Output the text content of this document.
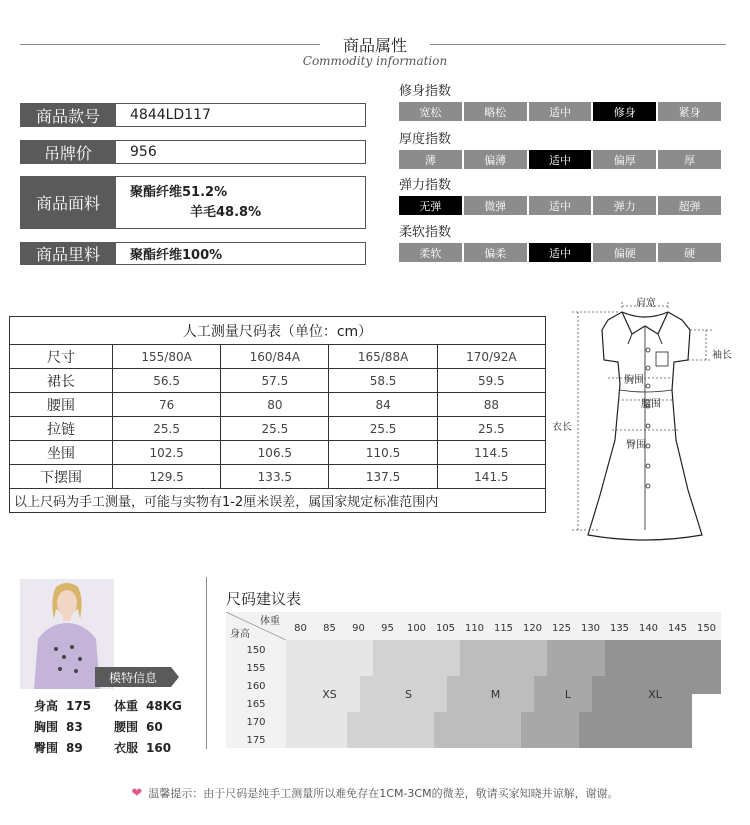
商品属性
Commodity information
商品款号	4844LD117
吊牌价	956
商品面料
聚酯纤维51.2%
羊毛48.8%
商品里料	聚酯纤维100%
修身指数
宽松	略松	适中	修身	紧身
厚度指数
薄	偏薄	适中	偏厚	厚
弹力指数
无弹	微弹	适中	弹力	超弹
柔软指数
柔软	偏柔	适中	偏硬	硬
人工测量尺码表（单位：cm）				
尺寸	155/80A	160/84A	165/88A	170/92A
裙长	56.5	57.5	58.5	59.5
腰围	76	80	84	88
拉链	25.5	25.5	25.5	25.5
坐围	102.5	106.5	110.5	114.5
下摆围	129.5	133.5	137.5	141.5
以上尺码为手工测量，可能与实物有1-2厘米误差，属国家规定标准范围内				
肩宽
袖长
胸围
腰围
臀围
衣长
模特信息
身高 175 体重 48KG
胸围 83	腰围 60
臀围 89	衣服 160
尺码建议表
体重
身高
80 85 90 95 100 105 110 115 120 125 130 135 140 145 150
150
155
160
165
170
175
XS	S	M	L	XL
❤ 温馨提示：由于尺码是纯手工测量所以难免存在1CM-3CM的微差，敬请买家知晓并谅解，谢谢。
